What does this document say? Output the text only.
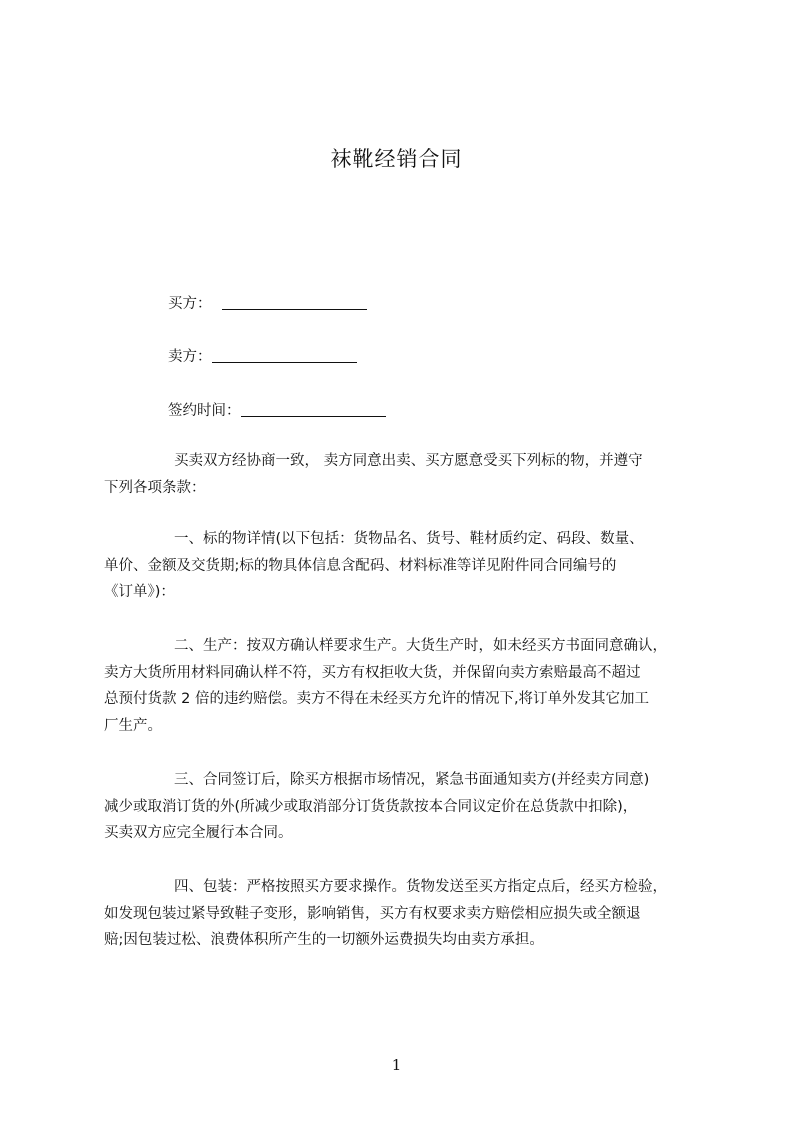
袜靴经销合同
买方：
卖方：
签约时间：
买卖双方经协商一致， 卖方同意出卖、买方愿意受买下列标的物，并遵守
下列各项条款：
一、标的物详情(以下包括：货物品名、货号、鞋材质约定、码段、数量、
单价、金额及交货期;标的物具体信息含配码、材料标准等详见附件同合同编号的
《订单》)：
二、生产：按双方确认样要求生产。大货生产时，如未经买方书面同意确认，
卖方大货所用材料同确认样不符，买方有权拒收大货，并保留向卖方索赔最高不超过
总预付货款 2 倍的违约赔偿。卖方不得在未经买方允许的情况下,将订单外发其它加工
厂生产。
三、合同签订后，除买方根据市场情况，紧急书面通知卖方(并经卖方同意)
减少或取消订货的外(所减少或取消部分订货货款按本合同议定价在总货款中扣除)，
买卖双方应完全履行本合同。
四、包装：严格按照买方要求操作。货物发送至买方指定点后，经买方检验，
如发现包装过紧导致鞋子变形，影响销售，买方有权要求卖方赔偿相应损失或全额退
赔;因包装过松、浪费体积所产生的一切额外运费损失均由卖方承担。
1
